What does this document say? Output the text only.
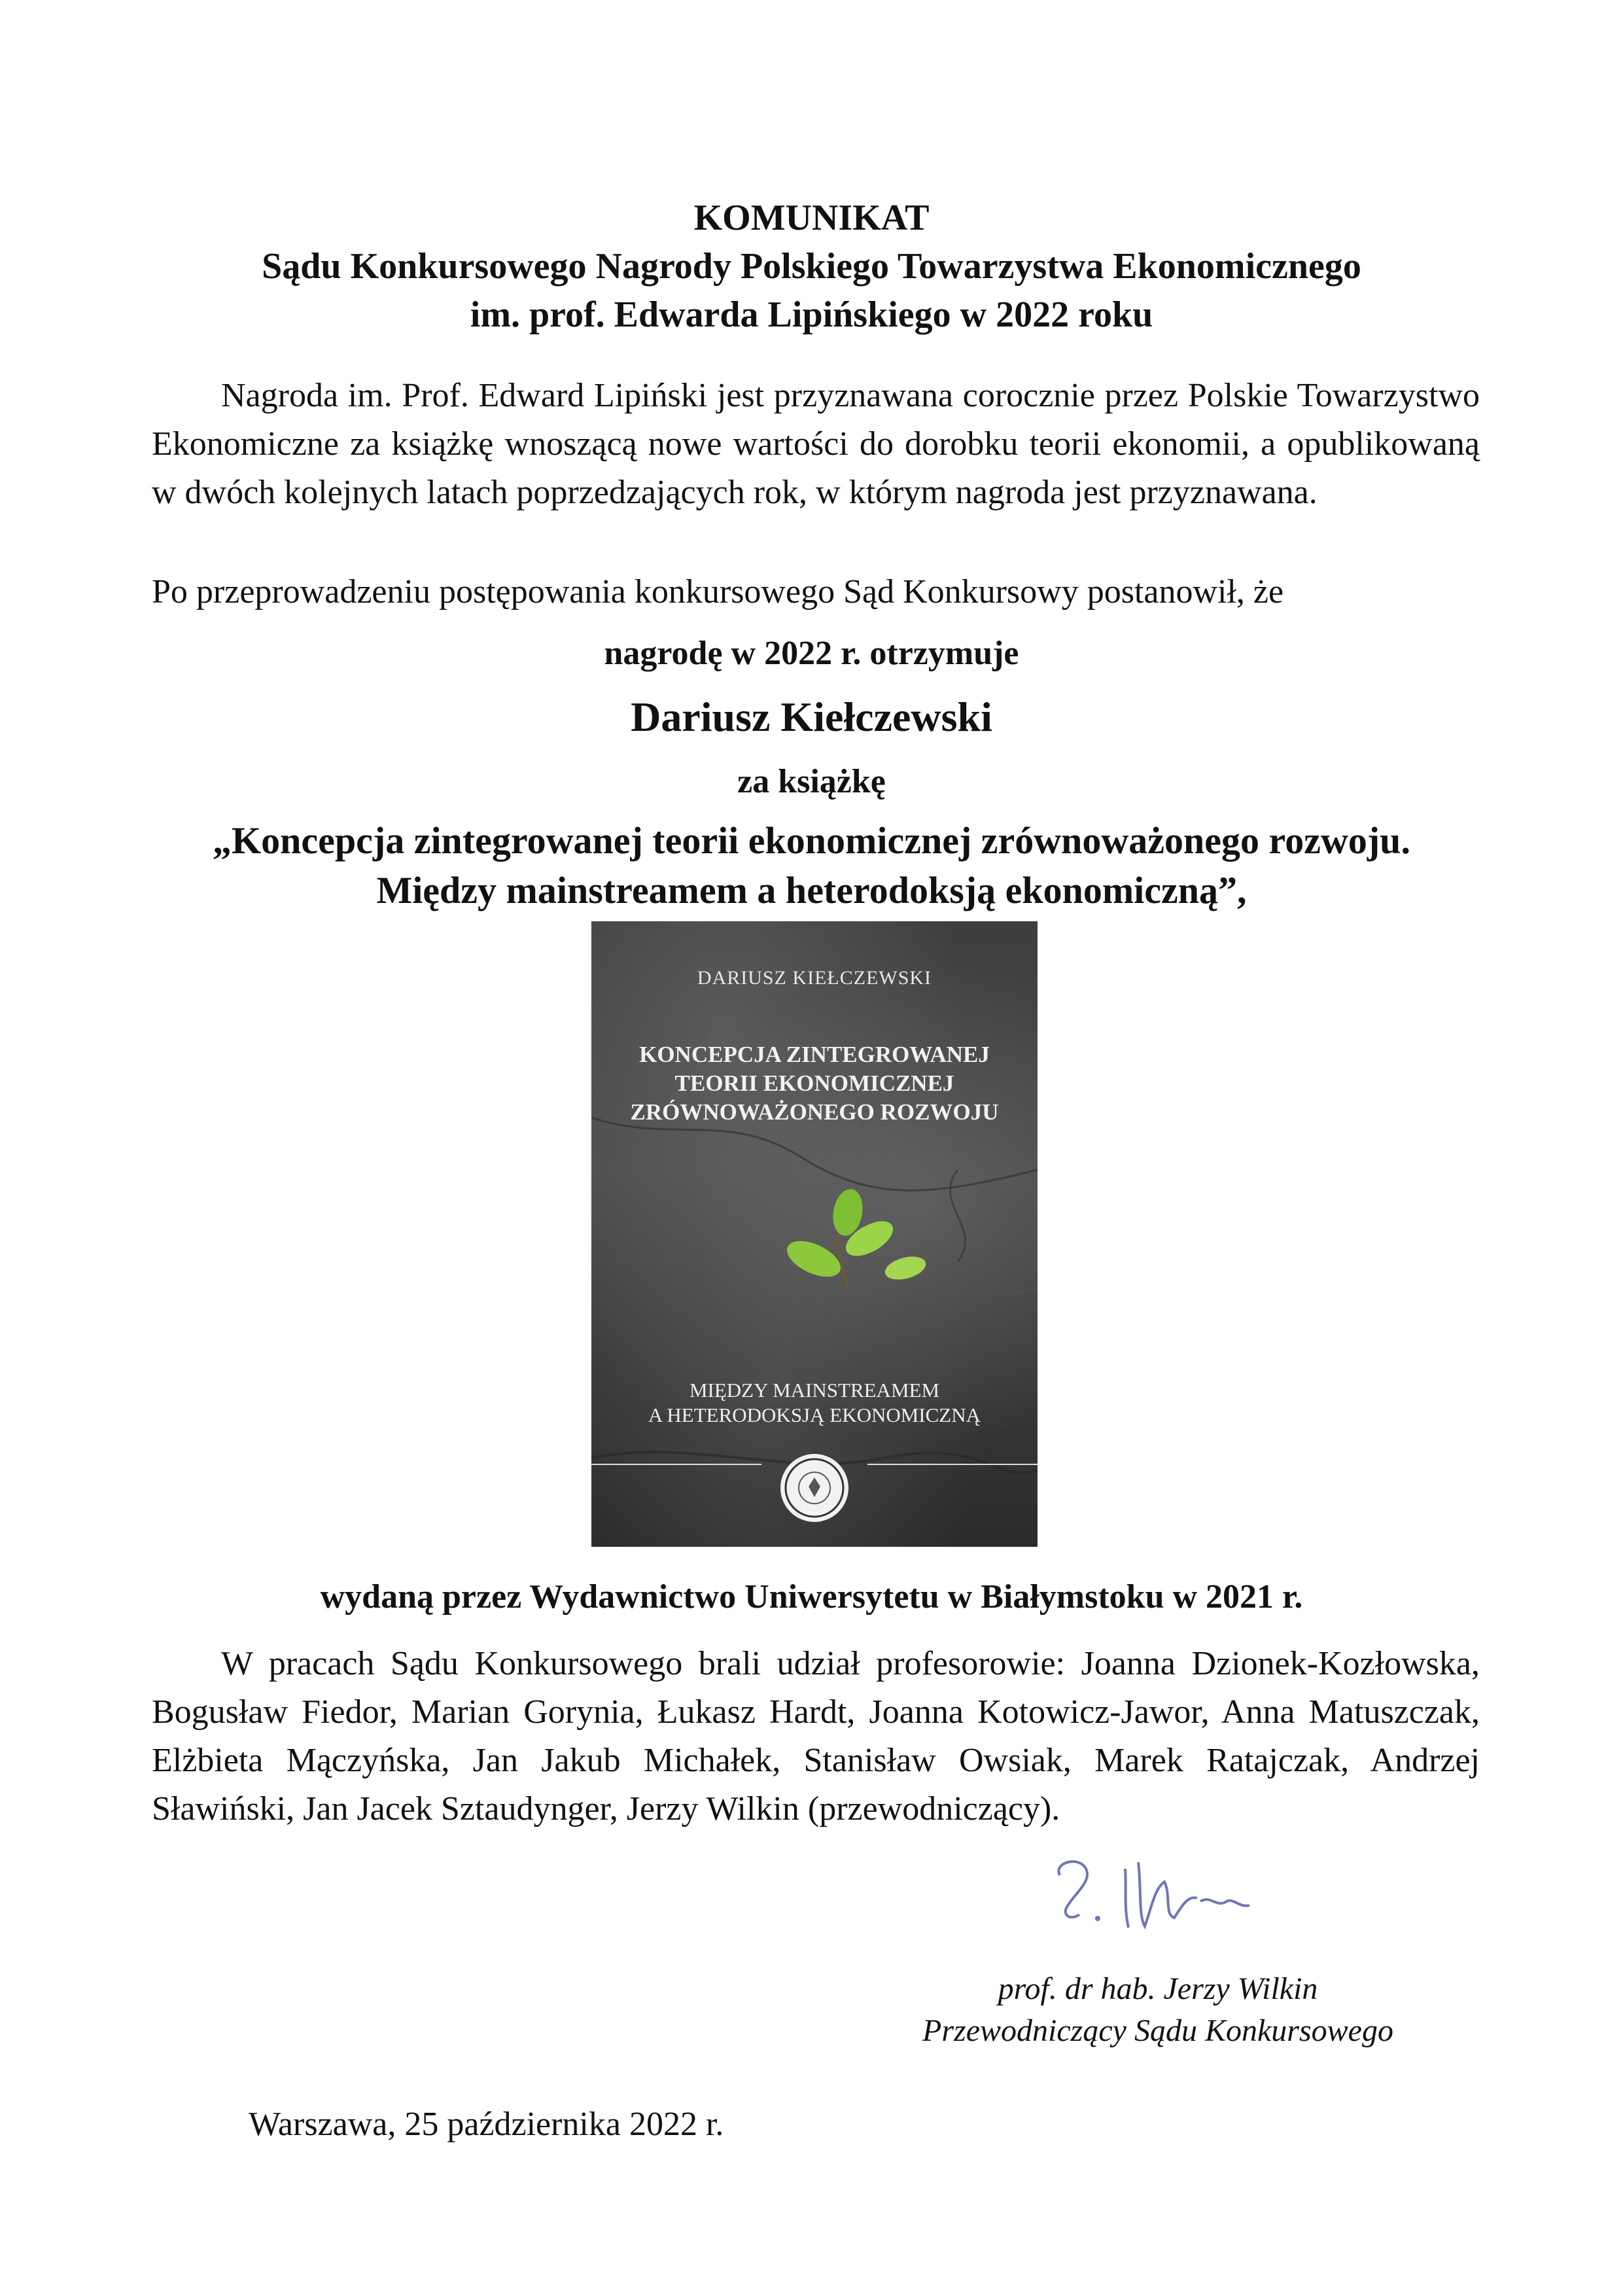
KOMUNIKAT
Sądu Konkursowego Nagrody Polskiego Towarzystwa Ekonomicznego
im. prof. Edwarda Lipińskiego w 2022 roku
Nagroda im. Prof. Edward Lipiński jest przyznawana corocznie przez Polskie Towarzystwo Ekonomiczne za książkę wnoszącą nowe wartości do dorobku teorii ekonomii, a opublikowaną w dwóch kolejnych latach poprzedzających rok, w którym nagroda jest przyznawana.
Po przeprowadzeniu postępowania konkursowego Sąd Konkursowy postanowił, że
nagrodę w 2022 r. otrzymuje
Dariusz Kiełczewski
za książkę
„Koncepcja zintegrowanej teorii ekonomicznej zrównoważonego rozwoju.
Między mainstreamem a heterodoksją ekonomiczną”,
DARIUSZ KIEŁCZEWSKI
KONCEPCJA ZINTEGROWANEJ
TEORII EKONOMICZNEJ
ZRÓWNOWAŻONEGO ROZWOJU
MIĘDZY MAINSTREAMEM
A HETERODOKSJĄ EKONOMICZNĄ
wydaną przez Wydawnictwo Uniwersytetu w Białymstoku w 2021 r.
W pracach Sądu Konkursowego brali udział profesorowie: Joanna Dzionek-Kozłowska, Bogusław Fiedor, Marian Gorynia, Łukasz Hardt, Joanna Kotowicz-Jawor, Anna Matuszczak, Elżbieta Mączyńska, Jan Jakub Michałek, Stanisław Owsiak, Marek Ratajczak, Andrzej Sławiński, Jan Jacek Sztaudynger, Jerzy Wilkin (przewodniczący).
prof. dr hab. Jerzy Wilkin
Przewodniczący Sądu Konkursowego
Warszawa, 25 października 2022 r.
